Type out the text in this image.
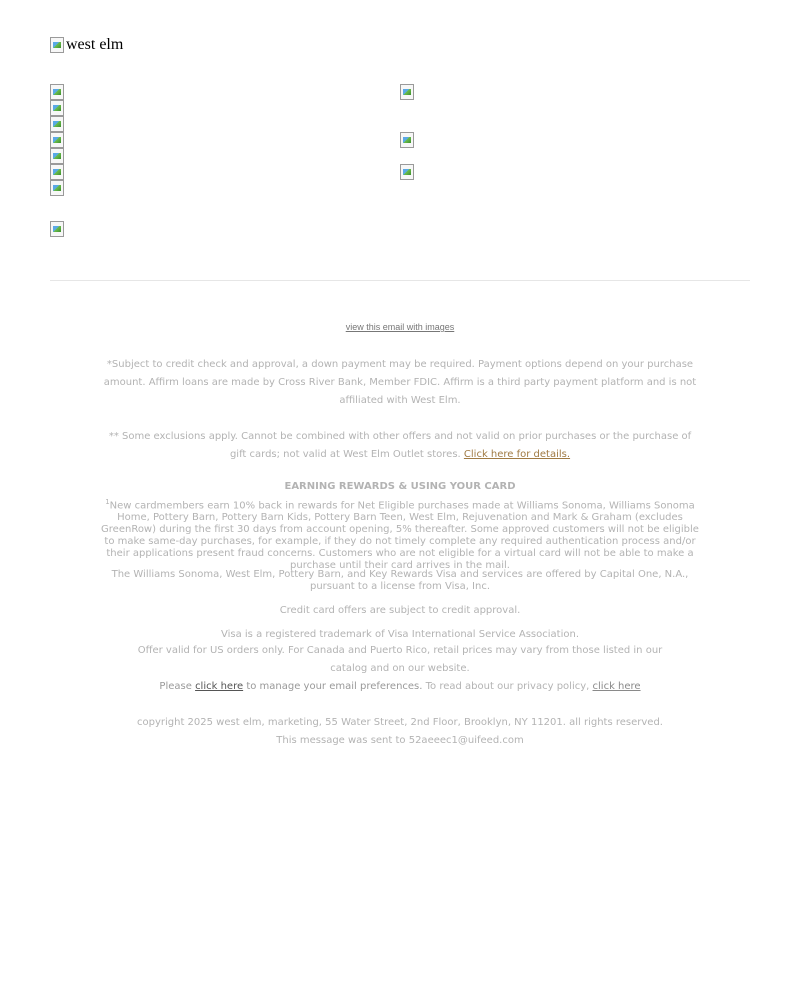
west elm
view this email with images
*Subject to credit check and approval, a down payment may be required. Payment options depend on your purchase amount. Affirm loans are made by Cross River Bank, Member FDIC. Affirm is a third party payment platform and is not affiliated with West Elm.
** Some exclusions apply. Cannot be combined with other offers and not valid on prior purchases or the purchase of gift cards; not valid at West Elm Outlet stores. Click here for details.
EARNING REWARDS & USING YOUR CARD
$^1$New cardmembers earn 10% back in rewards for Net Eligible purchases made at Williams Sonoma, Williams Sonoma Home, Pottery Barn, Pottery Barn Kids, Pottery Barn Teen, West Elm, Rejuvenation and Mark & Graham (excludes GreenRow) during the first 30 days from account opening, 5% thereafter. Some approved customers will not be eligible to make same-day purchases, for example, if they do not timely complete any required authentication process and/or their applications present fraud concerns. Customers who are not eligible for a virtual card will not be able to make a purchase until their card arrives in the mail.
The Williams Sonoma, West Elm, Pottery Barn, and Key Rewards Visa and services are offered by Capital One, N.A., pursuant to a license from Visa, Inc.
Credit card offers are subject to credit approval.
Visa is a registered trademark of Visa International Service Association.
Offer valid for US orders only. For Canada and Puerto Rico, retail prices may vary from those listed in our catalog and on our website.
Please click here to manage your email preferences. To read about our privacy policy, click here
copyright 2025 west elm, marketing, 55 Water Street, 2nd Floor, Brooklyn, NY 11201. all rights reserved.
This message was sent to 52aeeec1@uifeed.com
